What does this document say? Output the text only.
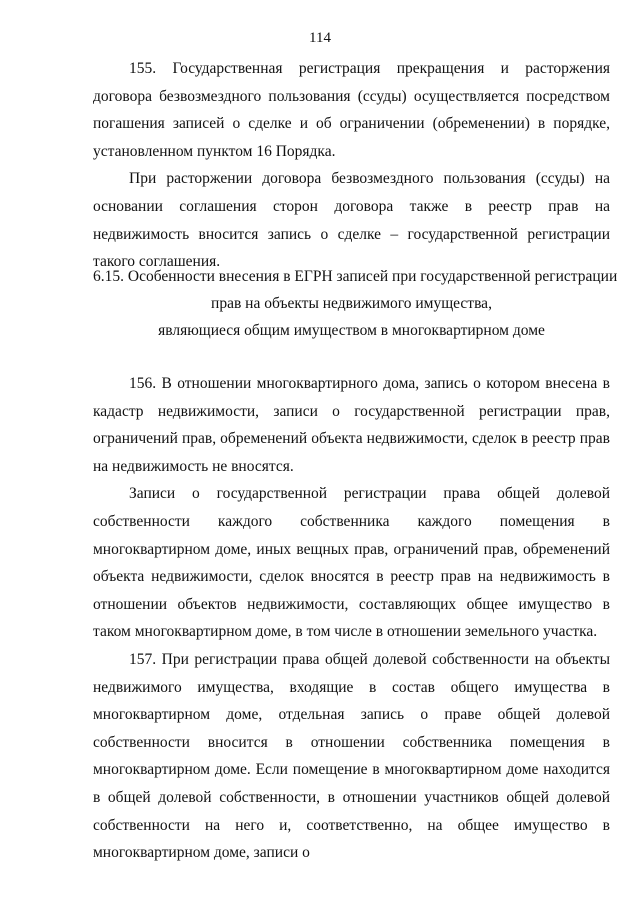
114

155. Государственная регистрация прекращения и расторжения договора безвозмездного пользования (ссуды) осуществляется посредством погашения записей о сделке и об ограничении (обременении) в порядке, установленном пунктом 16 Порядка.

При расторжении договора безвозмездного пользования (ссуды) на основании соглашения сторон договора также в реестр прав на недвижимость вносится запись о сделке – государственной регистрации такого соглашения.

6.15. Особенности внесения в ЕГРН записей при государственной регистрации
прав на объекты недвижимого имущества,
являющиеся общим имуществом в многоквартирном доме

156. В отношении многоквартирного дома, запись о котором внесена в кадастр недвижимости, записи о государственной регистрации прав, ограничений прав, обременений объекта недвижимости, сделок в реестр прав на недвижимость не вносятся.

Записи о государственной регистрации права общей долевой собственности каждого собственника каждого помещения в многоквартирном доме, иных вещных прав, ограничений прав, обременений объекта недвижимости, сделок вносятся в реестр прав на недвижимость в отношении объектов недвижимости, составляющих общее имущество в таком многоквартирном доме, в том числе в отношении земельного участка.

157. При регистрации права общей долевой собственности на объекты недвижимого имущества, входящие в состав общего имущества в многоквартирном доме, отдельная запись о праве общей долевой собственности вносится в отношении собственника помещения в многоквартирном доме. Если помещение в многоквартирном доме находится в общей долевой собственности, в отношении участников общей долевой собственности на него и, соответственно, на общее имущество в многоквартирном доме, записи о
